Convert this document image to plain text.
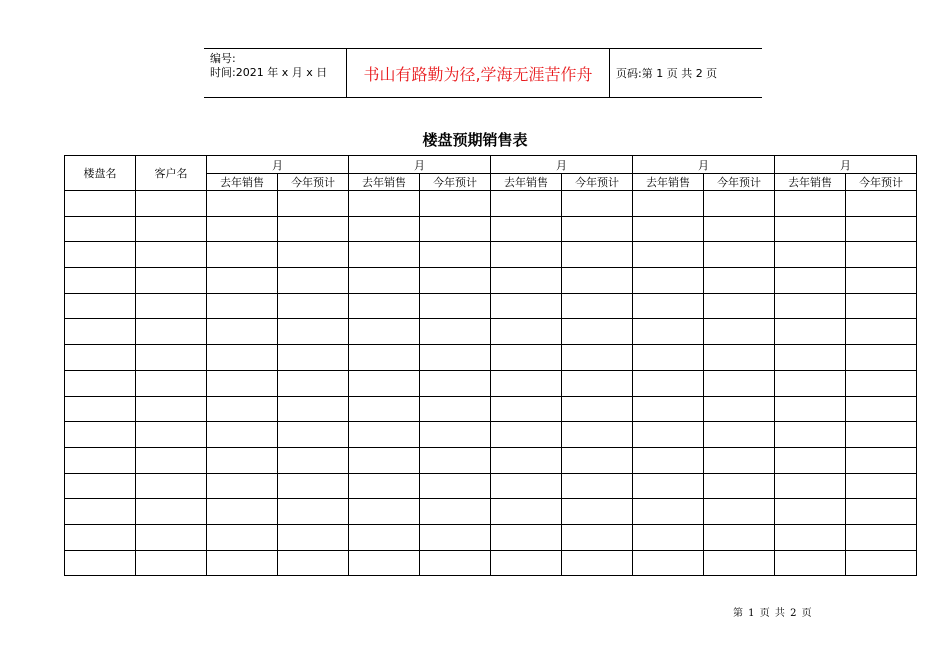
编号:
时间:2021 年 x 月 x 日	书山有路勤为径,学海无涯苦作舟	页码:第 1 页 共 2 页
楼盘预期销售表
楼盘名	客户名	月		月		月		月		月	
		去年销售	今年预计	去年销售	今年预计	去年销售	今年预计	去年销售	今年预计	去年销售	今年预计

第 1 页 共 2 页
